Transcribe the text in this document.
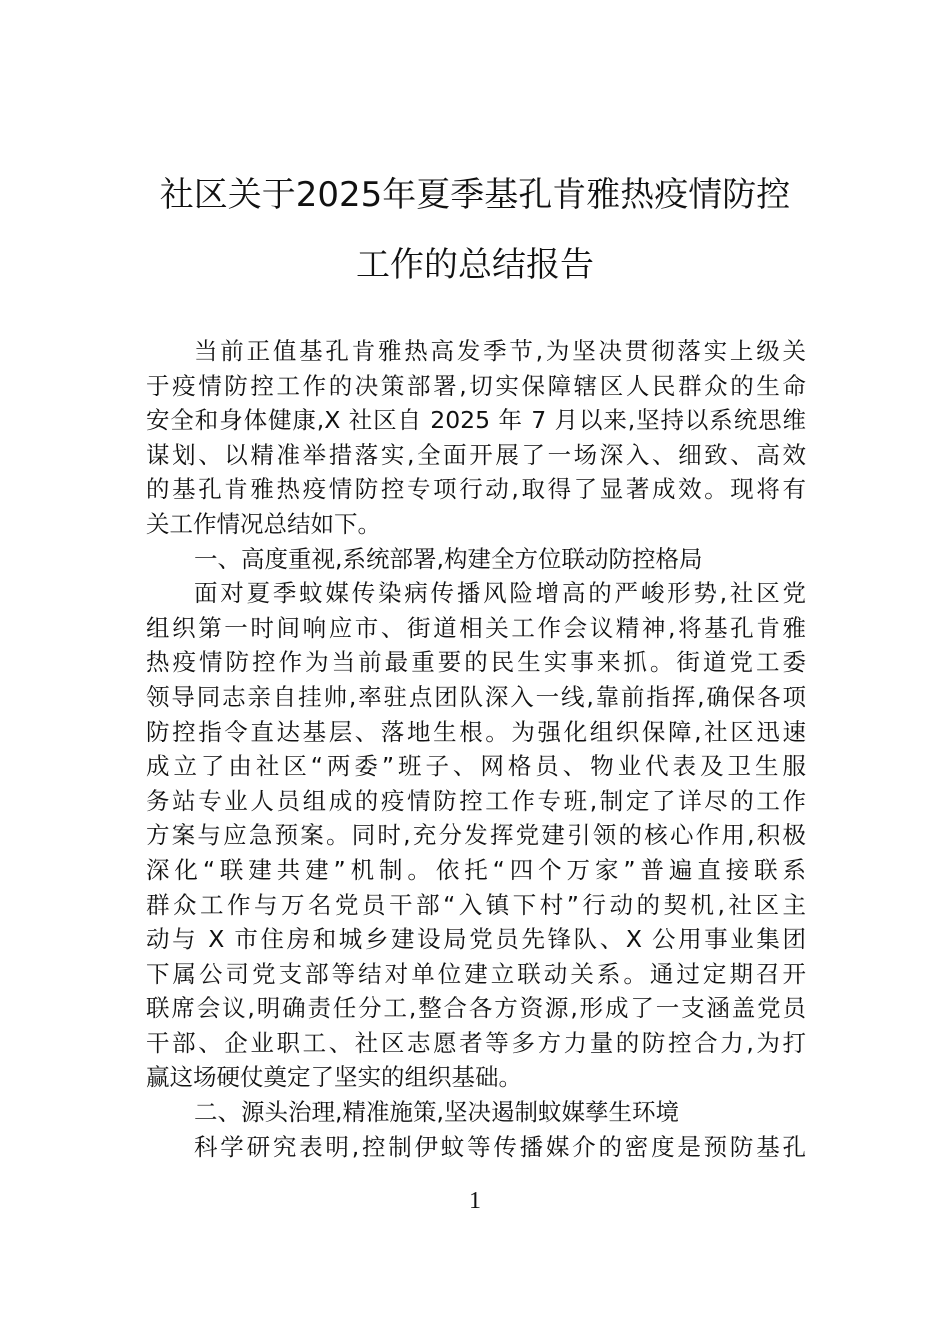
社区关于2025年夏季基孔肯雅热疫情防控
工作的总结报告
当前正值基孔肯雅热高发季节,为坚决贯彻落实上级关
于疫情防控工作的决策部署,切实保障辖区人民群众的生命
安全和身体健康,X 社区自 2025 年 7 月以来,坚持以系统思维
谋划、以精准举措落实,全面开展了一场深入、细致、高效
的基孔肯雅热疫情防控专项行动,取得了显著成效。现将有
关工作情况总结如下。
一、高度重视,系统部署,构建全方位联动防控格局
面对夏季蚊媒传染病传播风险增高的严峻形势,社区党
组织第一时间响应市、街道相关工作会议精神,将基孔肯雅
热疫情防控作为当前最重要的民生实事来抓。街道党工委
领导同志亲自挂帅,率驻点团队深入一线,靠前指挥,确保各项
防控指令直达基层、落地生根。为强化组织保障,社区迅速
成立了由社区“两委”班子、网格员、物业代表及卫生服
务站专业人员组成的疫情防控工作专班,制定了详尽的工作
方案与应急预案。同时,充分发挥党建引领的核心作用,积极
深化“联建共建”机制。依托“四个万家”普遍直接联系
群众工作与万名党员干部“入镇下村”行动的契机,社区主
动与 X 市住房和城乡建设局党员先锋队、X 公用事业集团
下属公司党支部等结对单位建立联动关系。通过定期召开
联席会议,明确责任分工,整合各方资源,形成了一支涵盖党员
干部、企业职工、社区志愿者等多方力量的防控合力,为打
赢这场硬仗奠定了坚实的组织基础。
二、源头治理,精准施策,坚决遏制蚊媒孳生环境
科学研究表明,控制伊蚊等传播媒介的密度是预防基孔
1
